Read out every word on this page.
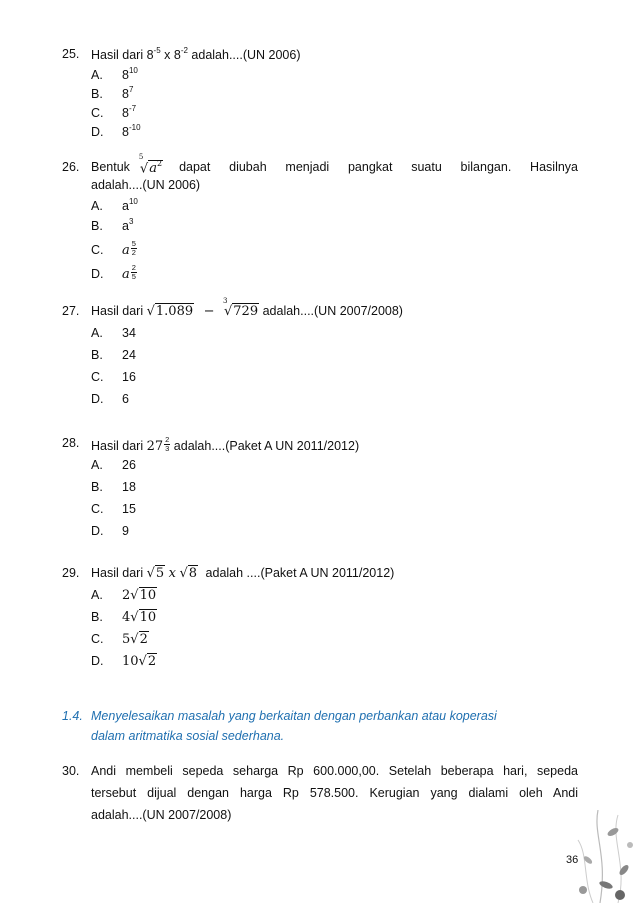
25. Hasil dari $8^{-5}$ x $8^{-2}$ adalah....(UN 2006)
A. $8^{10}$
B. $8^7$
C. $8^{-7}$
D. $8^{-10}$
26. Bentuk
5
$√a^2$ dapat diubah menjadi pangkat suatu bilangan. Hasilnya
adalah....(UN 2006)
A. $a^{10}$
B. $a^3$
C. a $\frac{5}{2}$
D. a $\frac{2}{5}$
27. Hasil dari √1.089 −
3
√729 adalah....(UN 2007/2008)
A. 34
B. 24
C. 16
D. 6
28. Hasil dari $27 \frac{2}{3}$ adalah....(Paket A UN 2011/2012)
A. 26
B. 18
C. 15
D. 9
29. Hasil dari √5 x √8 adalah ....(Paket A UN 2011/2012)
A. 2√10
B. 4√10
C. 5√2
D. 10√2
1.4. Menyelesaikan masalah yang berkaitan dengan perbankan atau koperasi
dalam aritmatika sosial sederhana.
30. Andi membeli sepeda seharga Rp 600.000,00. Setelah beberapa hari, sepeda
tersebut dijual dengan harga Rp 578.500. Kerugian yang dialami oleh Andi
adalah....(UN 2007/2008)
36
